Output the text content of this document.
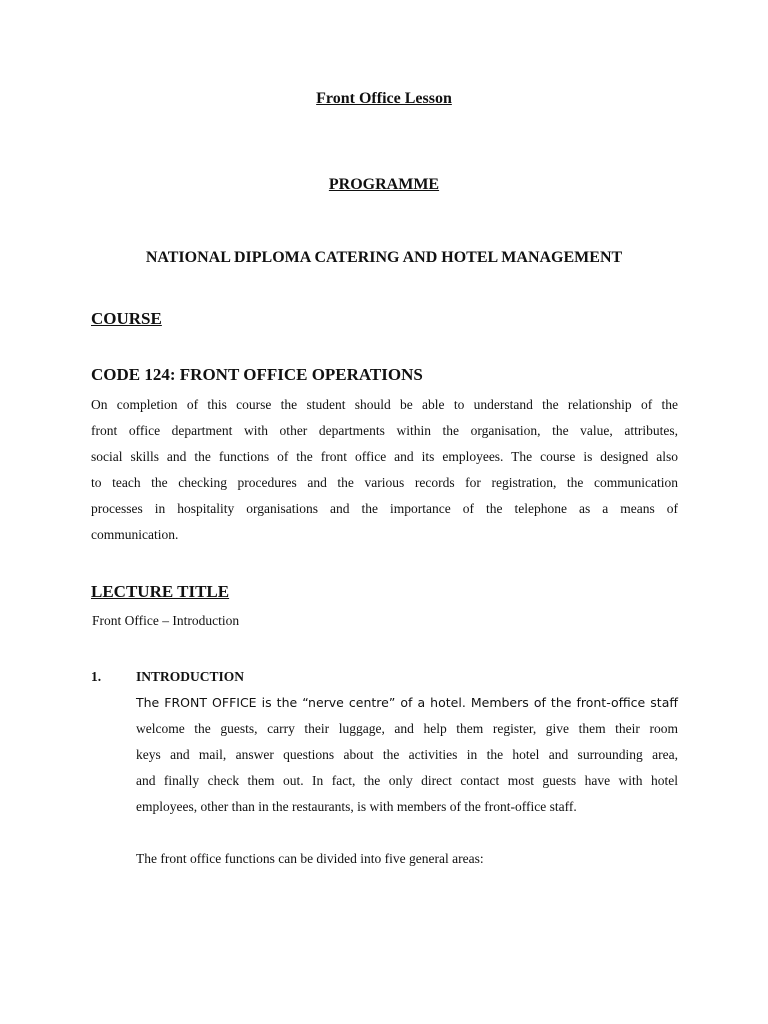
Front Office Lesson
PROGRAMME
NATIONAL DIPLOMA CATERING AND HOTEL MANAGEMENT
COURSE
CODE 124: FRONT OFFICE OPERATIONS
On completion of this course the student should be able to understand the relationship of the
front office department with other departments within the organisation, the value, attributes,
social skills and the functions of the front office and its employees. The course is designed also
to teach the checking procedures and the various records for registration, the communication
processes in hospitality organisations and the importance of the telephone as a means of
communication.
LECTURE TITLE

Front Office – Introduction

1.	INTRODUCTION
The FRONT OFFICE is the “nerve centre” of a hotel. Members of the front-office staff
welcome the guests, carry their luggage, and help them register, give them their room
keys and mail, answer questions about the activities in the hotel and surrounding area,
and finally check them out. In fact, the only direct contact most guests have with hotel
employees, other than in the restaurants, is with members of the front-office staff.

The front office functions can be divided into five general areas:
